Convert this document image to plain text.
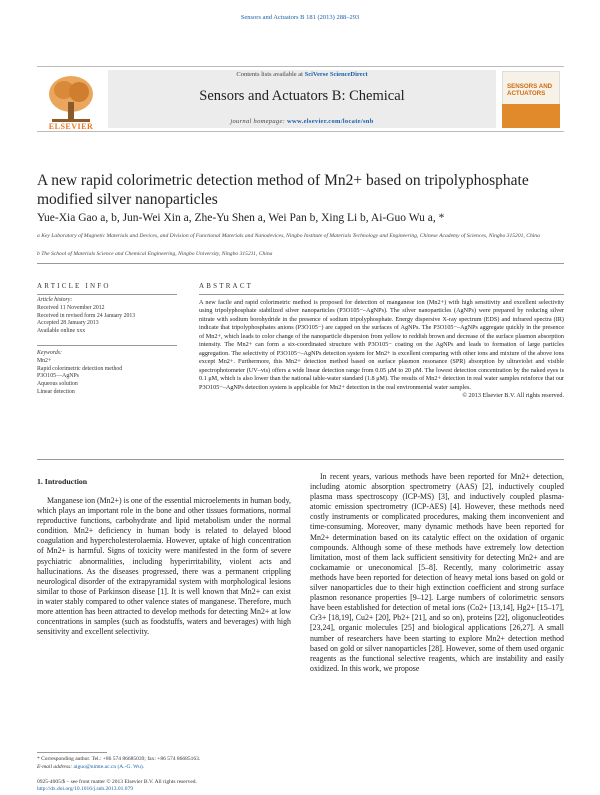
Sensors and Actuators B 181 (2013) 288–293
ELSEVIER
Contents lists available at SciVerse ScienceDirect
Sensors and Actuators B: Chemical
journal homepage: www.elsevier.com/locate/snb
SENSORS AND ACTUATORS
A new rapid colorimetric detection method of Mn2+ based on tripolyphosphate
modified silver nanoparticles
Yue-Xia Gao a, b, Jun-Wei Xin a, Zhe-Yu Shen a, Wei Pan b, Xing Li b, Ai-Guo Wu a, *
a Key Laboratory of Magnetic Materials and Devices, and Division of Functional Materials and Nanodevices, Ningbo Institute of Materials Technology and Engineering, Chinese Academy of Sciences, Ningbo 315201, China
b The School of Materials Science and Chemical Engineering, Ningbo University, Ningbo 315211, China
ARTICLE INFO	ABSTRACT
Article history:
Received 11 November 2012
Received in revised form 24 January 2013
Accepted 28 January 2013
Available online xxx
Keywords:
Mn2+
Rapid colorimetric detection method
P3O105−–AgNPs
Aqueous solution
Linear detection
A new facile and rapid colorimetric method is proposed for detection of manganese ion (Mn2+) with high sensitivity and excellent selectivity using tripolyphosphate stabilized silver nanoparticles (P3O105−–AgNPs). The silver nanoparticles (AgNPs) were prepared by reducing silver nitrate with sodium borohydride in the presence of sodium tripolyphosphate. Energy dispersive X-ray spectrum (EDS) and infrared spectra (IR) indicate that tripolyphosphates anions (P3O105−) are capped on the surfaces of AgNPs. The P3O105−–AgNPs aggregate quickly in the presence of Mn2+, which leads to color change of the nanoparticle dispersion from yellow to reddish brown and decrease of the surface plasmon absorption intensity. The Mn2+ can form a six-coordinated structure with P3O105− coating on the AgNPs and leads to formation of large particles aggregation. The selectivity of P3O105−–AgNPs detection system for Mn2+ is excellent comparing with other ions and mixture of the above ions except Mn2+. Furthermore, this Mn2+ detection method based on surface plasmon resonance (SPR) absorption by ultraviolet and visible spectrophotometer (UV–vis) offers a wide linear detection range from 0.05 μM to 20 μM. The lowest detection concentration by the naked eyes is 0.1 μM, which is also lower than the national table-water standard (1.8 μM). The results of Mn2+ detection in real water samples reinforce that our P3O105−–AgNPs detection system is applicable for Mn2+ detection in the real environmental water samples.
© 2013 Elsevier B.V. All rights reserved.
1. Introduction

Manganese ion (Mn2+) is one of the essential microelements in human body, which plays an important role in the bone and other tissues formations, normal reproductive functions, carbohydrate and lipid metabolism under the normal condition. Mn2+ deficiency in human body is related to delayed blood coagulation and hypercholesterolaemia. However, uptake of high concentration of Mn2+ is harmful. Signs of toxicity were manifested in the form of severe psychiatric abnormalities, including hyperirritability, violent acts and hallucinations. As the diseases progressed, there was a permanent crippling neurological disorder of the extrapyramidal system with morphological lesions similar to those of Parkinson disease [1]. It is well known that Mn2+ can exist in water stably compared to other valence states of manganese. Therefore, much more attention has been attracted to develop methods for detecting Mn2+ at low concentrations in samples (such as foodstuffs, waters and beverages) with high sensitivity and excellent selectivity.

In recent years, various methods have been reported for Mn2+ detection, including atomic absorption spectrometry (AAS) [2], inductively coupled plasma mass spectroscopy (ICP-MS) [3], and inductively coupled plasma-atomic emission spectrometry (ICP-AES) [4]. However, these methods need costly instruments or complicated procedures, making them inconvenient and time-consuming. Moreover, many dynamic methods have been reported for Mn2+ determination based on its catalytic effect on the oxidation of organic compounds. Although some of these methods have extremely low detection limitation, most of them lack sufficient sensitivity for detecting Mn2+ and are cockamamie or uneconomical [5–8]. Recently, many colorimetric assay methods have been reported for detection of heavy metal ions based on gold or silver nanoparticles due to their high extinction coefficient and strong surface plasmon resonance properties [9–12]. Large numbers of colorimetric sensors have been established for detection of metal ions (Co2+ [13,14], Hg2+ [15–17], Cr3+ [18,19], Cu2+ [20], Pb2+ [21], and so on), proteins [22], oligonucleotides [23,24], organic molecules [25] and biological applications [26,27]. A small number of researchers have been starting to explore Mn2+ detection method based on gold or silver nanoparticles [28]. However, some of them used organic reagents as the functional selective reagents, which are instability and easily oxidized. In this work, we propose

* Corresponding author. Tel.: +86 574 86685039; fax: +86 574 86685163.
E-mail address: aiguo@nimte.ac.cn (A.-G. Wu).
0925-4005/$ – see front matter © 2013 Elsevier B.V. All rights reserved.
http://dx.doi.org/10.1016/j.snb.2013.01.079
